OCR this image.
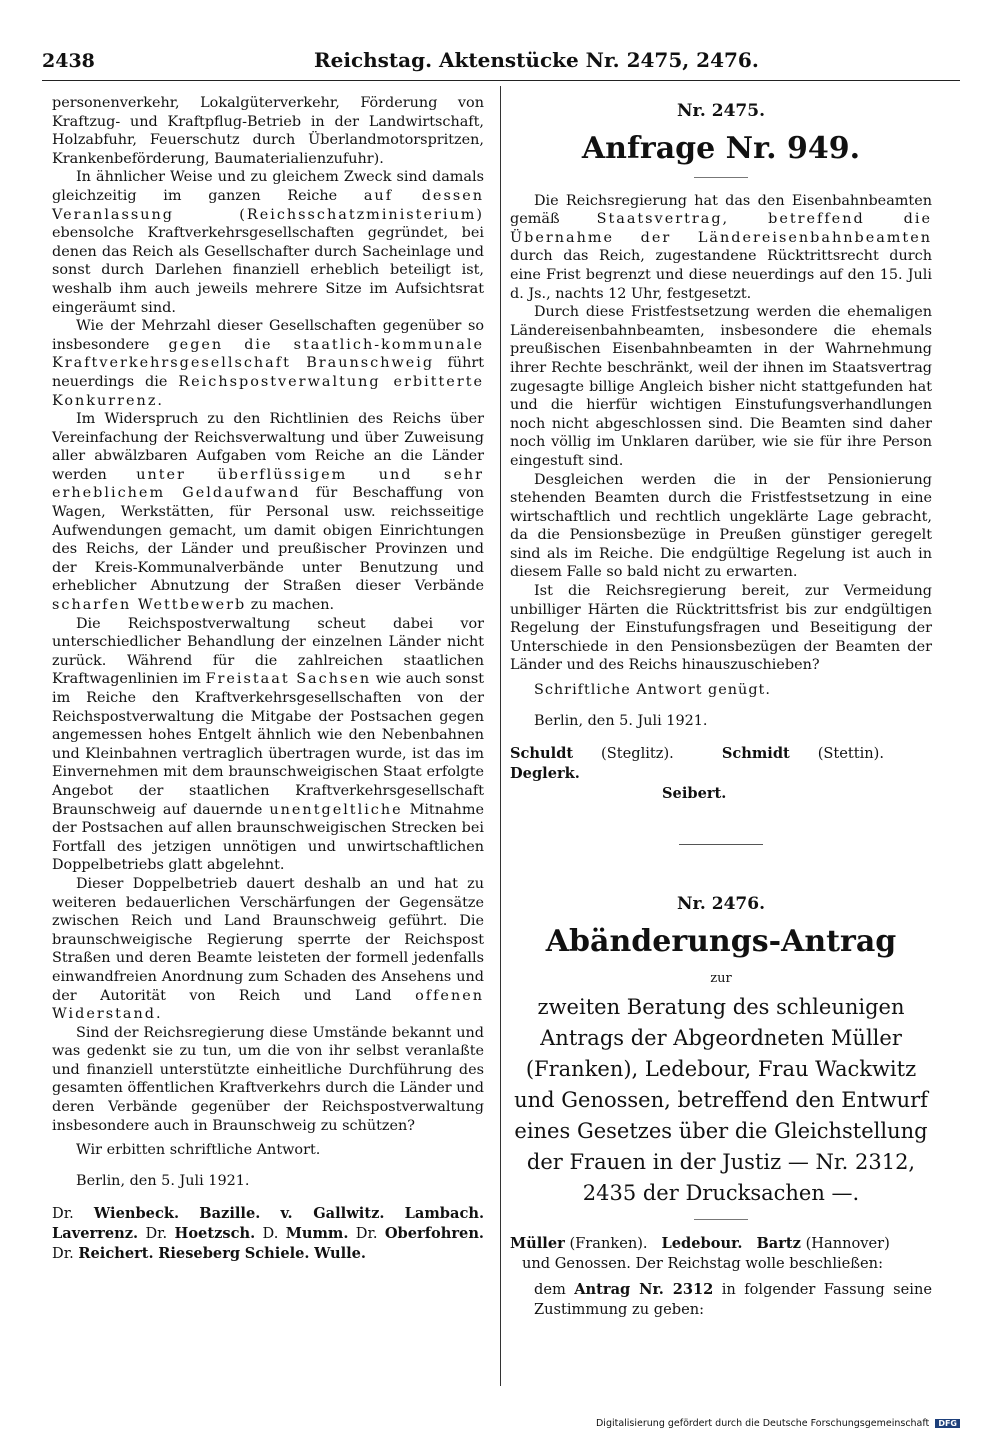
2438	Reichstag. Aktenstücke Nr. 2475, 2476.

personenverkehr, Lokalgüterverkehr, Förderung von Kraftzug- und Kraftpflug-Betrieb in der Landwirtschaft, Holzabfuhr, Feuerschutz durch Überlandmotorspritzen, Krankenbeförderung, Baumaterialienzufuhr).

In ähnlicher Weise und zu gleichem Zweck sind damals gleichzeitig im ganzen Reiche auf dessen Veranlassung (Reichsschatzministerium) ebensolche Kraftverkehrsgesellschaften gegründet, bei denen das Reich als Gesellschafter durch Sacheinlage und sonst durch Darlehen finanziell erheblich beteiligt ist, weshalb ihm auch jeweils mehrere Sitze im Aufsichtsrat eingeräumt sind.

Wie der Mehrzahl dieser Gesellschaften gegenüber so insbesondere gegen die staatlich-kommunale Kraftverkehrsgesellschaft Braunschweig führt neuerdings die Reichspostverwaltung erbitterte Konkurrenz.

Im Widerspruch zu den Richtlinien des Reichs über Vereinfachung der Reichsverwaltung und über Zuweisung aller abwälzbaren Aufgaben vom Reiche an die Länder werden unter überflüssigem und sehr erheblichem Geldaufwand für Beschaffung von Wagen, Werkstätten, für Personal usw. reichsseitige Aufwendungen gemacht, um damit obigen Einrichtungen des Reichs, der Länder und preußischer Provinzen und der Kreis-Kommunalverbände unter Benutzung und erheblicher Abnutzung der Straßen dieser Verbände scharfen Wettbewerb zu machen.

Die Reichspostverwaltung scheut dabei vor unterschiedlicher Behandlung der einzelnen Länder nicht zurück. Während für die zahlreichen staatlichen Kraftwagenlinien im Freistaat Sachsen wie auch sonst im Reiche den Kraftverkehrsgesellschaften von der Reichspostverwaltung die Mitgabe der Postsachen gegen angemessen hohes Entgelt ähnlich wie den Nebenbahnen und Kleinbahnen vertraglich übertragen wurde, ist das im Einvernehmen mit dem braunschweigischen Staat erfolgte Angebot der staatlichen Kraftverkehrsgesellschaft Braunschweig auf dauernde unentgeltliche Mitnahme der Postsachen auf allen braunschweigischen Strecken bei Fortfall des jetzigen unnötigen und unwirtschaftlichen Doppelbetriebs glatt abgelehnt.

Dieser Doppelbetrieb dauert deshalb an und hat zu weiteren bedauerlichen Verschärfungen der Gegensätze zwischen Reich und Land Braunschweig geführt. Die braunschweigische Regierung sperrte der Reichspost Straßen und deren Beamte leisteten der formell jedenfalls einwandfreien Anordnung zum Schaden des Ansehens und der Autorität von Reich und Land offenen Widerstand.

Sind der Reichsregierung diese Umstände bekannt und was gedenkt sie zu tun, um die von ihr selbst veranlaßte und finanziell unterstützte einheitliche Durchführung des gesamten öffentlichen Kraftverkehrs durch die Länder und deren Verbände gegenüber der Reichspostverwaltung insbesondere auch in Braunschweig zu schützen?

Wir erbitten schriftliche Antwort.

Berlin, den 5. Juli 1921.

Dr. Wienbeck. Bazille. v. Gallwitz. Lambach. Laverrenz. Dr. Hoetzsch. D. Mumm. Dr. Oberfohren. Dr. Reichert. Rieseberg Schiele. Wulle.

Nr. 2475.
Anfrage Nr. 949.

Die Reichsregierung hat das den Eisenbahnbeamten gemäß	Staatsvertrag, betreffend die Übernahme der Ländereisenbahnbeamten durch das Reich, zugestandene Rücktrittsrecht durch eine Frist begrenzt und diese neuerdings auf den 15. Juli d. Js., nachts 12 Uhr, festgesetzt.

Durch diese Fristfestsetzung werden die ehemaligen Ländereisenbahnbeamten, insbesondere die ehemals preußischen Eisenbahnbeamten in der Wahrnehmung ihrer Rechte beschränkt, weil der ihnen im Staatsvertrag zugesagte billige Angleich bisher nicht stattgefunden hat und die hierfür wichtigen Einstufungsverhandlungen noch nicht abgeschlossen sind. Die Beamten sind daher noch völlig im Unklaren darüber, wie sie für ihre Person eingestuft sind.

Desgleichen werden die in der Pensionierung stehenden Beamten durch die Fristfestsetzung in eine wirtschaftlich und rechtlich ungeklärte Lage gebracht, da die Pensionsbezüge in Preußen günstiger geregelt sind als im Reiche. Die endgültige Regelung ist auch in diesem Falle so bald nicht zu erwarten.

Ist die Reichsregierung bereit, zur Vermeidung unbilliger Härten die Rücktrittsfrist bis zur endgültigen Regelung der Einstufungsfragen und Beseitigung der Unterschiede in den Pensionsbezügen der Beamten der Länder und des Reichs hinauszuschieben?

Schriftliche Antwort genügt.

Berlin, den 5. Juli 1921.

Schuldt (Steglitz).	Schmidt (Stettin).Deglerk.
Seibert.

Nr. 2476.
Abänderungs-Antrag
zur
zweiten Beratung des schleunigen Antrags der Abgeordneten Müller (Franken), Ledebour, Frau Wackwitz und Genossen, betreffend den Entwurf eines Gesetzes über die Gleichstellung der Frauen in der Justiz — Nr. 2312, 2435 der Drucksachen —.

Müller (Franken). Ledebour. Bartz (Hannover)

und Genossen. Der Reichstag wolle beschließen:

dem Antrag Nr. 2312 in folgender Fassung seine Zustimmung zu geben:

Digitalisierung gefördert durch die Deutsche Forschungsgemeinschaft DFG
